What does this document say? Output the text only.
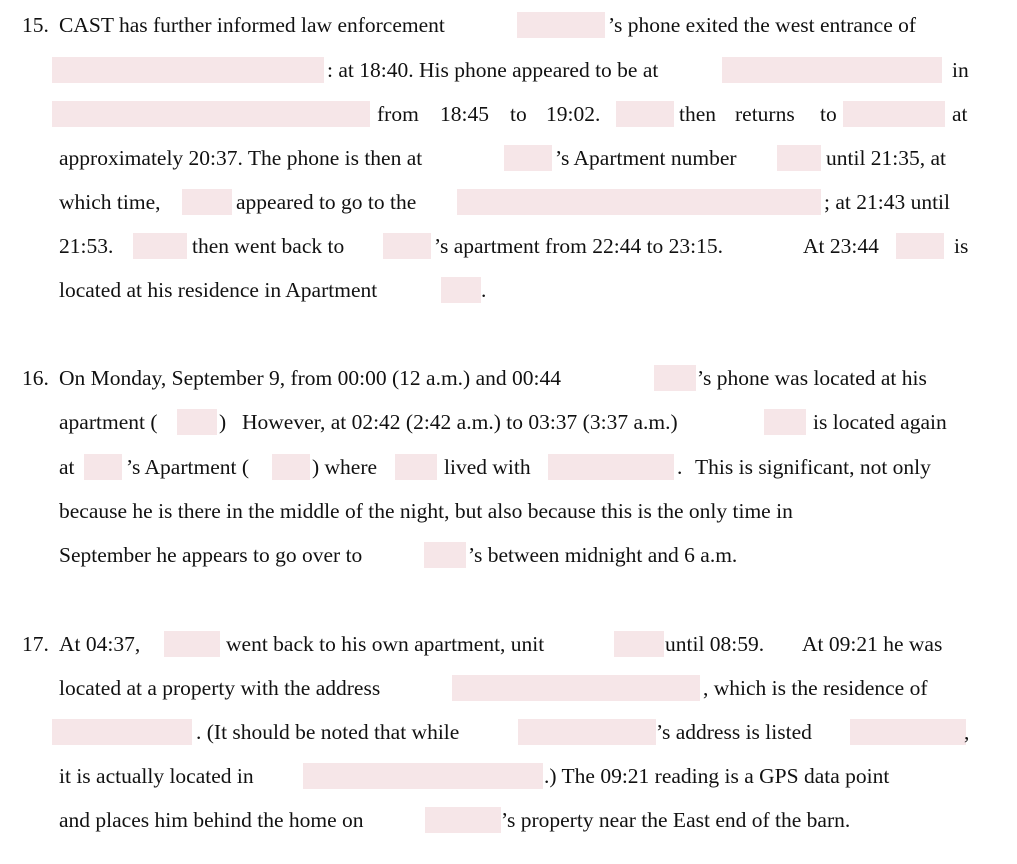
15. CAST has further informed law enforcement	’s phone exited the west entrance of
: at 18:40. His phone appeared to be at	in
from 18:45 to 19:02.	then returns to	at
approximately 20:37. The phone is then at	’s Apartment number	until 21:35, at
which time,	appeared to go to the	; at 21:43 until
21:53.	then went back to	’s apartment from 22:44 to 23:15.	At 23:44	is
located at his residence in Apartment	.
16. On Monday, September 9, from 00:00 (12 a.m.) and 00:44	’s phone was located at his
apartment (	) However, at 02:42 (2:42 a.m.) to 03:37 (3:37 a.m.)	is located again
at ’s Apartment (	) where	lived with	. This is significant, not only
because he is there in the middle of the night, but also because this is the only time in
September he appears to go over to	’s between midnight and 6 a.m.
17. At 04:37,	went back to his own apartment, unit	until 08:59. At 09:21 he was
located at a property with the address	, which is the residence of
. (It should be noted that while	’s address is listed	,
it is actually located in	.) The 09:21 reading is a GPS data point
and places him behind the home on	’s property near the East end of the barn.
